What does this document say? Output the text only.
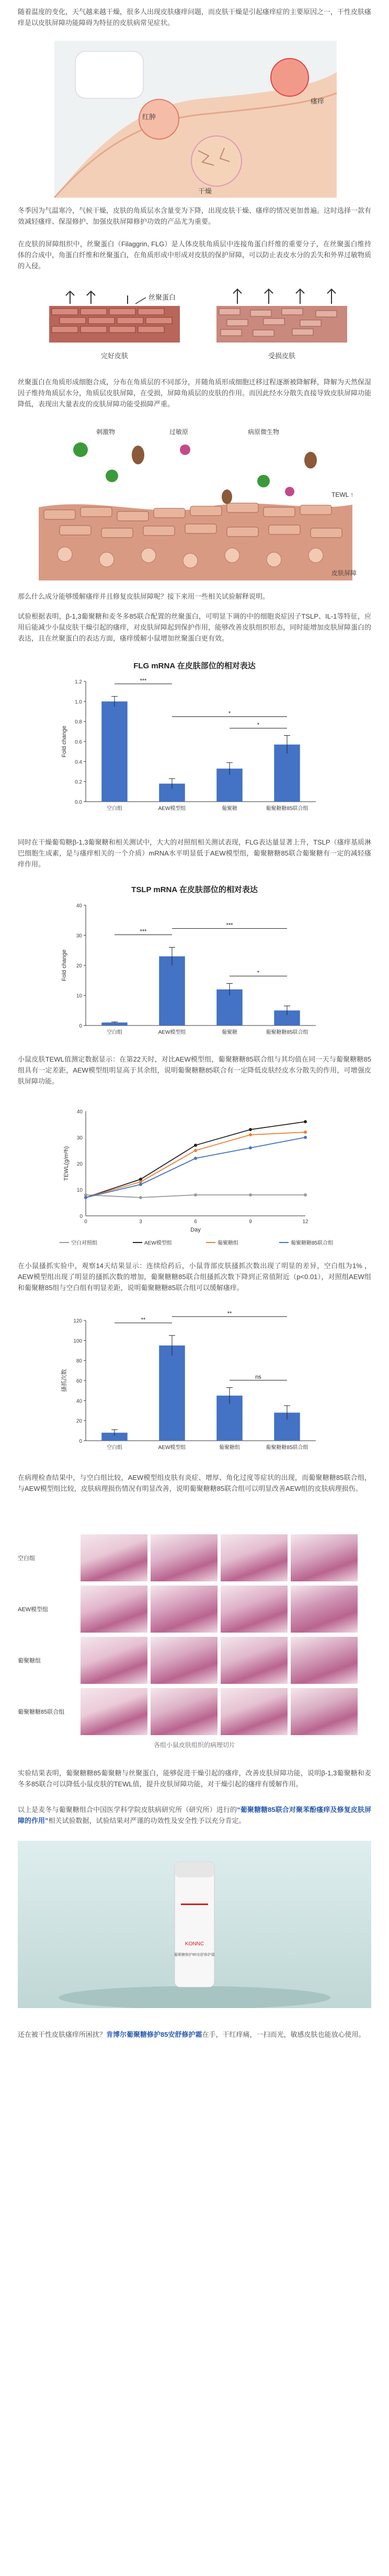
随着温度的变化，天气越来越干燥，很多人出现皮肤瘙痒问题，而皮肤干燥是引起瘙痒症的主要原因之一，干性皮肤瘙痒是以皮肤屏障功能障碍为特征的皮肤病常见症状。
红肿
瘙痒
干燥
冬季因为气温寒冷，气候干燥，皮肤的角质层水含量变为下降，出现皮肤干燥、瘙痒的情况更加普遍。这时选择一款有效减轻瘙痒、保湿修护、加强皮肤屏障修护功效的产品尤为重要。
在皮肤的屏障组织中，丝聚蛋白（Filaggrin, FLG）是人体皮肤角质层中连接角蛋白纤维的重要分子，在丝聚蛋白维持体的合成中，角蛋白纤维和丝聚蛋白，在角质形成中形成对皮肤的保护屏障，可以防止表皮水分的丢失和外界过敏物质的入侵。
完好皮肤	受损皮肤
丝聚蛋白
丝聚蛋白在角质形成细胞合成，分布在角质层的不同部分，并随角质形成细胞迁移过程逐渐被降解释，降解为天然保湿因子维持角质层水分，角质层皮肤屏障，在受损，屏障角质层的皮肤的作用。而因此经水分散失直接导致皮肤屏障功能降低，表现出大量表皮的皮肤屏障功能受损障严重。
刺激物	过敏原	病原微生物
TEWL ↑
皮肤屏障
那么什么成分能够缓解瘙痒并且修复皮肤屏障呢？接下来用一些相关试验解释说明。
试验根据表明，β-1,3葡聚糖和麦冬多85联合配置的丝聚蛋白，可明显下调的中的细胞炎症因子TSLP、IL-1等特征，应用后能减少小鼠皮肤干燥引起的瘙痒，对皮肤屏障起到保护作用，能够改善皮肤组织形态，同时能增加皮肤屏障蛋白的表达，且在丝聚蛋白的表达方面，瘙痒缓解小鼠增加丝聚蛋白更有效。
FLG mRNA 在皮肤部位的相对表达
0.0
0.2
0.4
0.6
0.8
1.0
1.2
Fold change
空白组	AEW模型组	葡聚糖	葡聚糖糖85联合组
***
*
*
同时在干燥葡萄糖β-1,3葡聚糖和相关测试中，大大的对照组相关测试表现，FLG表达量显著上升，TSLP（瘙痒基质淋巴细胞生成素，是与瘙痒相关的一个介质）mRNA水平明显低于AEW模型组，葡聚糖糖85联合葡聚糖有一定的减轻瘙痒作用。
TSLP mRNA 在皮肤部位的相对表达
0
10
20
30
40
Fold change
空白组	AEW模型组	葡聚糖	葡聚糖糖85联合组
***
***
*
小鼠皮肤TEWL值测定数据显示：在第22天时，对比AEW模型组，葡聚糖糖85联合组与其均值在同一天与葡聚糖糖85组具有一定差距，AEW模型组明显高于其余组，说明葡聚糖糖85联合有一定降低皮肤经皮水分散失的作用，可增强皮肤屏障功能。
0
10
20
30
40
0	3	6	9	12
Day
TEWL(g/m²h)
空白对照组	AEW模型组	葡聚糖组	葡聚糖糖85联合组
在小鼠搔抓实验中，观察14天结果显示：连续给药后，小鼠背部皮肤搔抓次数出现了明显的差异，空白组为1% ，AEW模型组出现了明显的搔抓次数的增加，葡聚糖糖85联合组搔抓次数下降到正常值附近（p<0.01），对照组AEW组和葡聚糖85组与空白组有明显差距，说明葡聚糖糖85联合组可以缓解瘙痒。
0
20
40
60
80
100
120
搔抓次数
空白组	AEW模型组	葡聚糖组	葡聚糖糖85联合组
**
**
ns
在病理检查结果中，与空白组比较，AEW模型组皮肤有炎症、增厚、角化过度等症状的出现，而葡聚糖糖85联合组，与AEW模型组比较，皮肤病理损伤情况有明显改善，说明葡聚糖糖85联合组可以明显改善AEW组的皮肤病理损伤。
空白组
AEW模型组
葡聚糖组
葡聚糖糖85联合组
各组小鼠皮肤组织的病理切片
实验结果表明，葡聚糖糖85葡聚糖与丝聚蛋白，能够促进干燥引起的瘙痒，改善皮肤屏障功能，说明β-1,3葡聚糖和麦冬多85联合可以降低小鼠皮肤的TEWL值，提升皮肤屏障功能，对干燥引起的瘙痒有缓解作用。
以上是麦冬与葡聚糖组合中国医学科学院皮肤病研究所（研究所）进行的“葡聚糖糖85联合对聚苯酚瘙痒及修复皮肤屏障的作用”相关试验数据，试验结果对严谨的功效性及安全性予以充分肯定。
KONNC
葡聚糖修护85安舒修护霜
还在被干性皮肤瘙痒所困扰？肯博尔葡聚糖修护85安舒修护霜在手，干红痒痛，一扫而光，敏感皮肤也能放心使用。
